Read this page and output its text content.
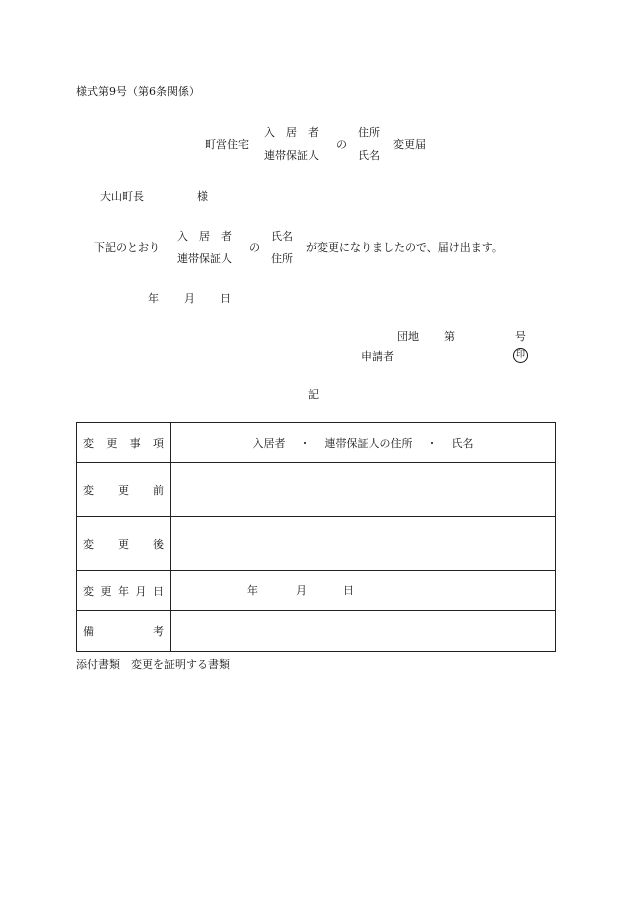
様式第9号（第6条関係）
町営住宅
入　居　者
連帯保証人
の
住所
氏名
変更届
大山町長	様
下記のとおり
入　居　者
連帯保証人
の
氏名
住所
が変更になりましたので、届け出ます。
年 月 日
団地 第	号
申請者	印
記
変 更 事 項	入居者 ・ 連帯保証人の住所 ・ 氏名

変 更 前	

変 更 後	

変 更 年 月 日	年 月 日

備 考	

添付書類　変更を証明する書類
